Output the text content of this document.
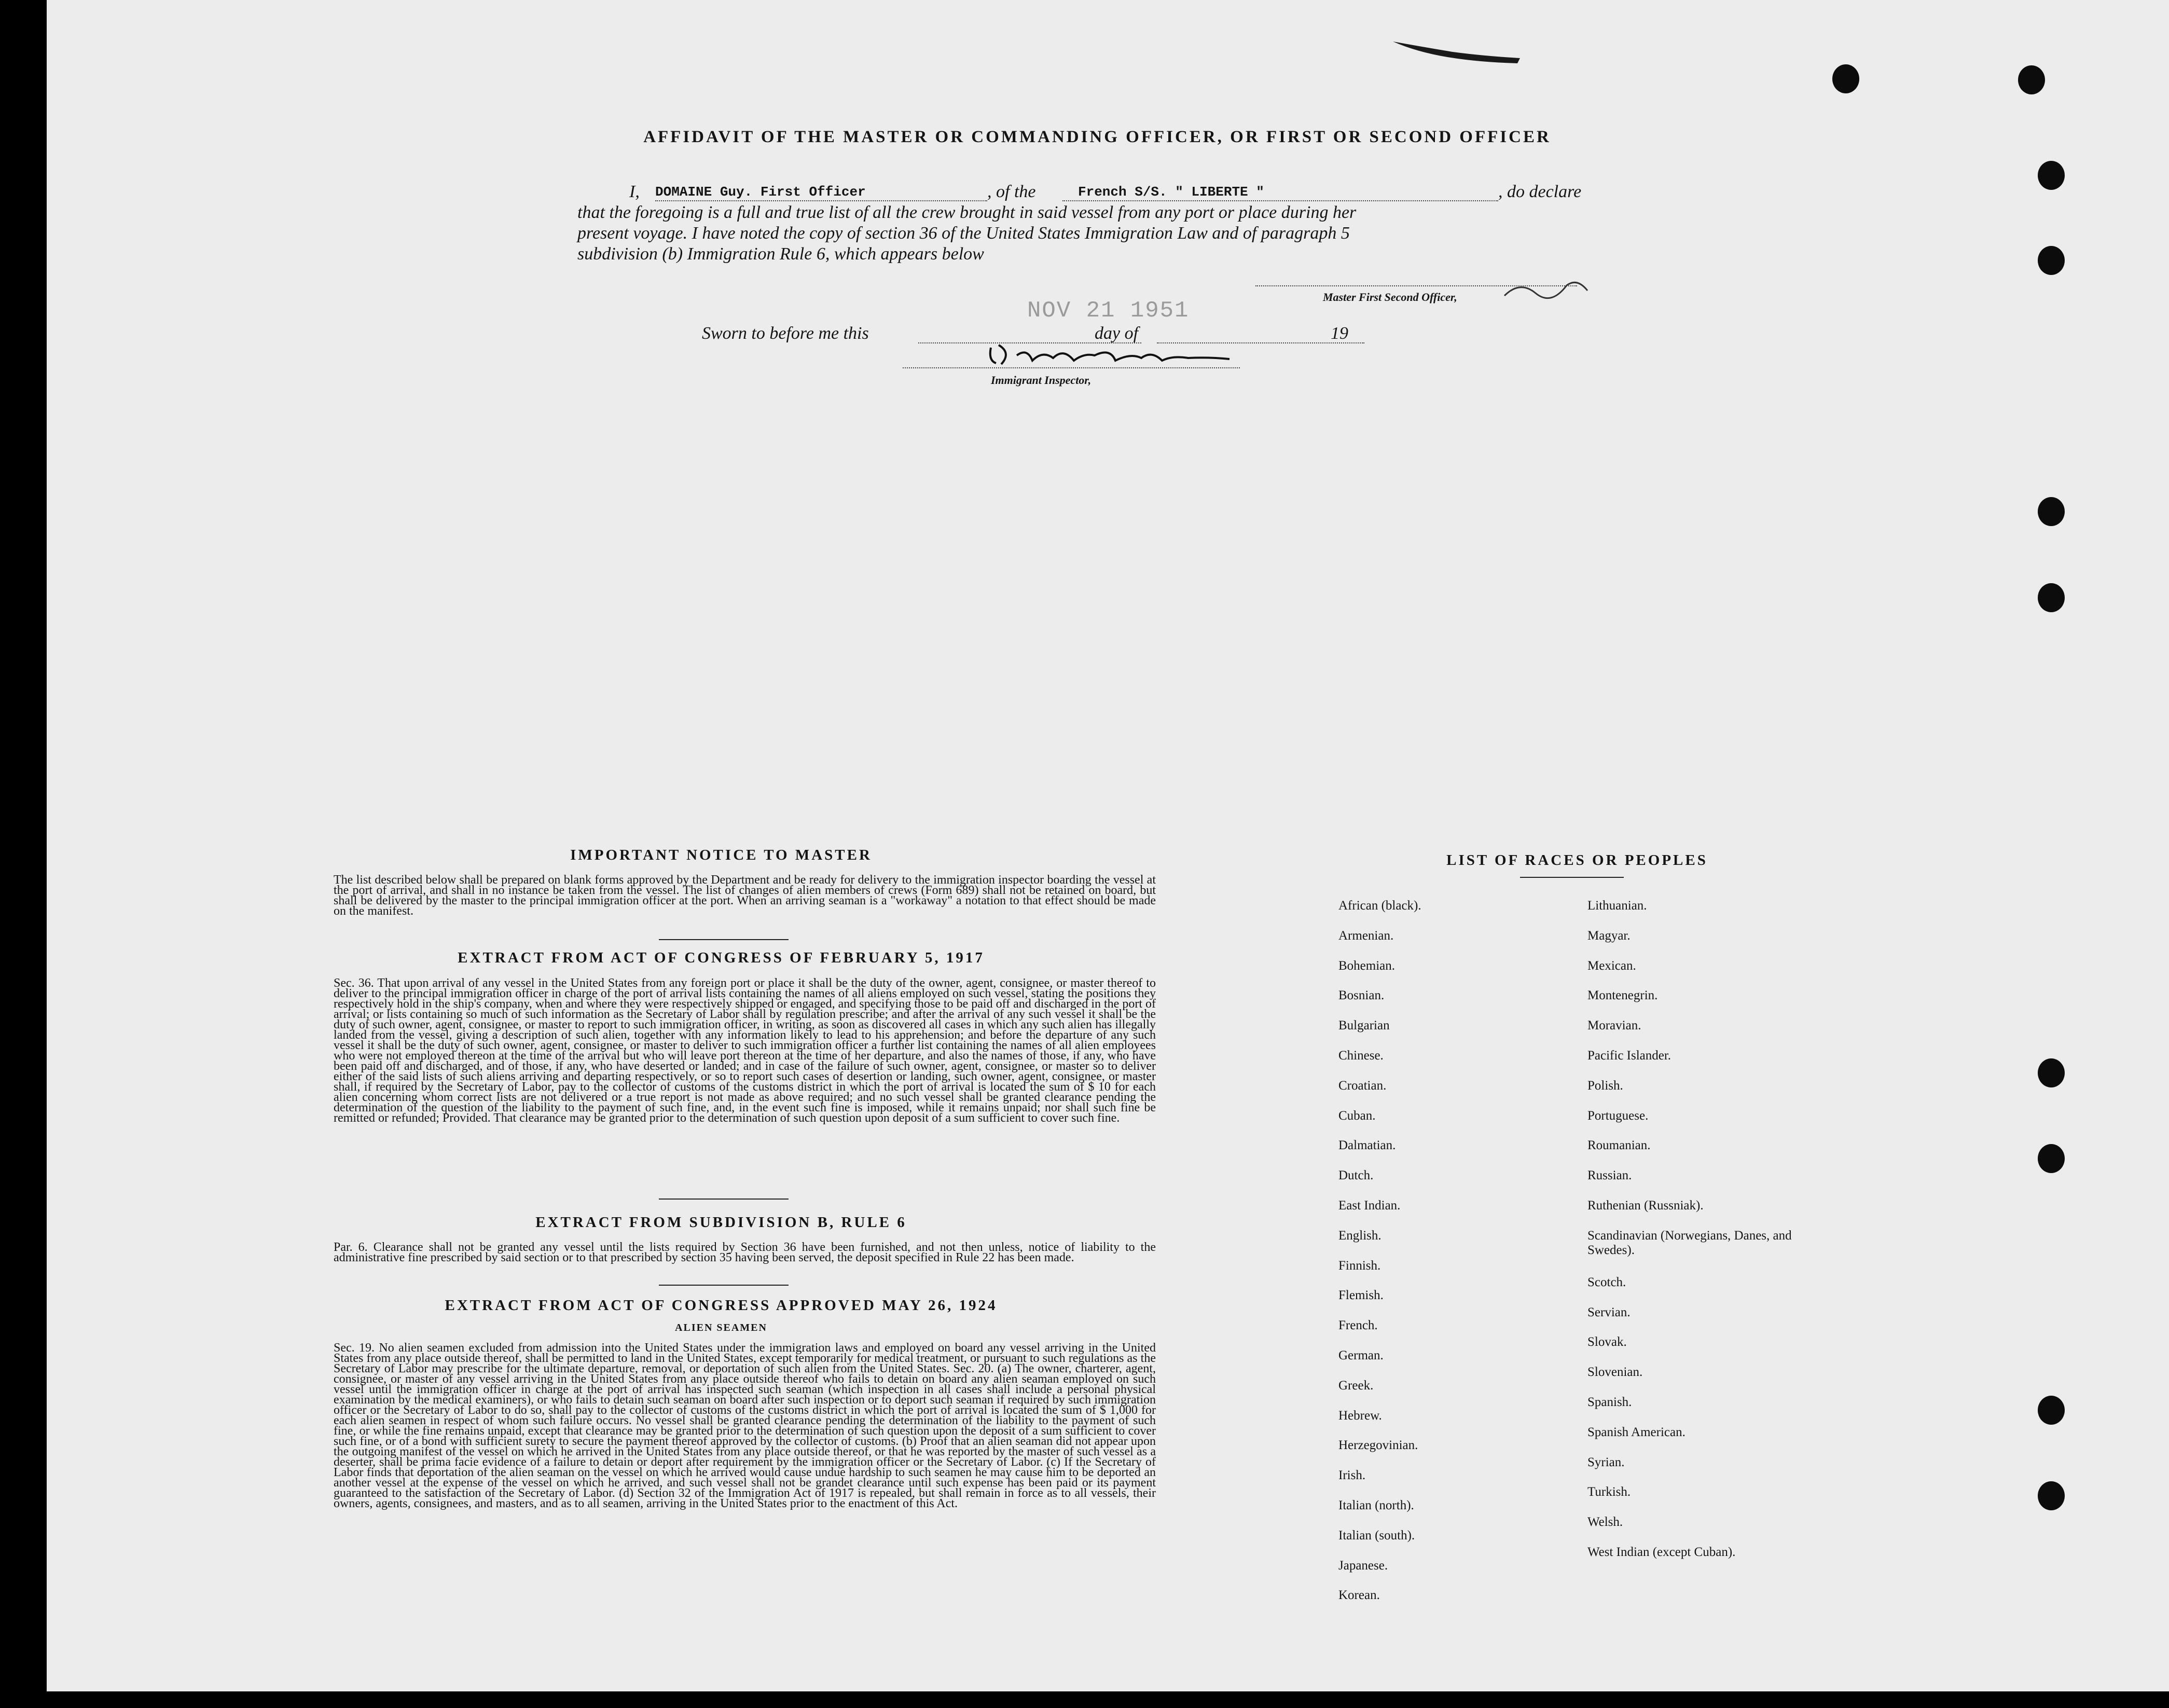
AFFIDAVIT OF THE MASTER OR COMMANDING OFFICER, OR FIRST OR SECOND OFFICER
I, DOMAINE Guy. First Officer	, of the	French S/S. " LIBERTE "	, do declare
that the foregoing is a full and true list of all the crew brought in said vessel from any port or place during her
present voyage. I have noted the copy of section 36 of the United States Immigration Law and of paragraph 5
subdivision (b) Immigration Rule 6, which appears below
Master First Second Officer,
NOV 21 1951
Sworn to before me this	day of	19
Immigrant Inspector,
IMPORTANT NOTICE TO MASTER
The list described below shall be prepared on blank forms approved by the Department and be ready for delivery to the immigration inspector boarding the vessel at the port of arrival, and shall in no instance be taken from the vessel. The list of changes of alien members of crews (Form 689) shall not be retained on board, but shall be delivered by the master to the principal immigration officer at the port. When an arriving seaman is a "workaway" a notation to that effect should be made on the manifest.
EXTRACT FROM ACT OF CONGRESS OF FEBRUARY 5, 1917
Sec. 36. That upon arrival of any vessel in the United States from any foreign port or place it shall be the duty of the owner, agent, consignee, or master thereof to deliver to the principal immigration officer in charge of the port of arrival lists containing the names of all aliens employed on such vessel, stating the positions they respectively hold in the ship's company, when and where they were respectively shipped or engaged, and specifying those to be paid off and discharged in the port of arrival; or lists containing so much of such information as the Secretary of Labor shall by regulation prescribe; and after the arrival of any such vessel it shall be the duty of such owner, agent, consignee, or master to report to such immigration officer, in writing, as soon as discovered all cases in which any such alien has illegally landed from the vessel, giving a description of such alien, together with any information likely to lead to his apprehension; and before the departure of any such vessel it shall be the duty of such owner, agent, consignee, or master to deliver to such immigration officer a further list containing the names of all alien employees who were not employed thereon at the time of the arrival but who will leave port thereon at the time of her departure, and also the names of those, if any, who have been paid off and discharged, and of those, if any, who have deserted or landed; and in case of the failure of such owner, agent, consignee, or master so to deliver either of the said lists of such aliens arriving and departing respectively, or so to report such cases of desertion or landing, such owner, agent, consignee, or master shall, if required by the Secretary of Labor, pay to the collector of customs of the customs district in which the port of arrival is located the sum of $ 10 for each alien concerning whom correct lists are not delivered or a true report is not made as above required; and no such vessel shall be granted clearance pending the determination of the question of the liability to the payment of such fine, and, in the event such fine is imposed, while it remains unpaid; nor shall such fine be remitted or refunded; Provided. That clearance may be granted prior to the determination of such question upon deposit of a sum sufficient to cover such fine.
EXTRACT FROM SUBDIVISION B, RULE 6
Par. 6. Clearance shall not be granted any vessel until the lists required by Section 36 have been furnished, and not then unless, notice of liability to the administrative fine prescribed by said section or to that prescribed by section 35 having been served, the deposit specified in Rule 22 has been made.
EXTRACT FROM ACT OF CONGRESS APPROVED MAY 26, 1924
ALIEN SEAMEN
Sec. 19. No alien seamen excluded from admission into the United States under the immigration laws and employed on board any vessel arriving in the United States from any place outside thereof, shall be permitted to land in the United States, except temporarily for medical treatment, or pursuant to such regulations as the Secretary of Labor may prescribe for the ultimate departure, removal, or deportation of such alien from the United States. Sec. 20. (a) The owner, charterer, agent, consignee, or master of any vessel arriving in the United States from any place outside thereof who fails to detain on board any alien seaman employed on such vessel until the immigration officer in charge at the port of arrival has inspected such seaman (which inspection in all cases shall include a personal physical examination by the medical examiners), or who fails to detain such seaman on board after such inspection or to deport such seaman if required by such immigration officer or the Secretary of Labor to do so, shall pay to the collector of customs of the customs district in which the port of arrival is located the sum of $ 1,000 for each alien seamen in respect of whom such failure occurs. No vessel shall be granted clearance pending the determination of the liability to the payment of such fine, or while the fine remains unpaid, except that clearance may be granted prior to the determination of such question upon the deposit of a sum sufficient to cover such fine, or of a bond with sufficient surety to secure the payment thereof approved by the collector of customs. (b) Proof that an alien seaman did not appear upon the outgoing manifest of the vessel on which he arrived in the United States from any place outside thereof, or that he was reported by the master of such vessel as a deserter, shall be prima facie evidence of a failure to detain or deport after requirement by the immigration officer or the Secretary of Labor. (c) If the Secretary of Labor finds that deportation of the alien seaman on the vessel on which he arrived would cause undue hardship to such seamen he may cause him to be deported an another vessel at the expense of the vessel on which he arrived, and such vessel shall not be grandet clearance until such expense has been paid or its payment guaranteed to the satisfaction of the Secretary of Labor. (d) Section 32 of the Immigration Act of 1917 is repealed, but shall remain in force as to all vessels, their owners, agents, consignees, and masters, and as to all seamen, arriving in the United States prior to the enactment of this Act.
LIST OF RACES OR PEOPLES
African (black).
Armenian.
Bohemian.
Bosnian.
Bulgarian
Chinese.
Croatian.
Cuban.
Dalmatian.
Dutch.
East Indian.
English.
Finnish.
Flemish.
French.
German.
Greek.
Hebrew.
Herzegovinian.
Irish.
Italian (north).
Italian (south).
Japanese.
Korean.
Lithuanian.
Magyar.
Mexican.
Montenegrin.
Moravian.
Pacific Islander.
Polish.
Portuguese.
Roumanian.
Russian.
Ruthenian (Russniak).
Scandinavian (Norwegians, Danes, and Swedes).
Scotch.
Servian.
Slovak.
Slovenian.
Spanish.
Spanish American.
Syrian.
Turkish.
Welsh.
West Indian (except Cuban).
